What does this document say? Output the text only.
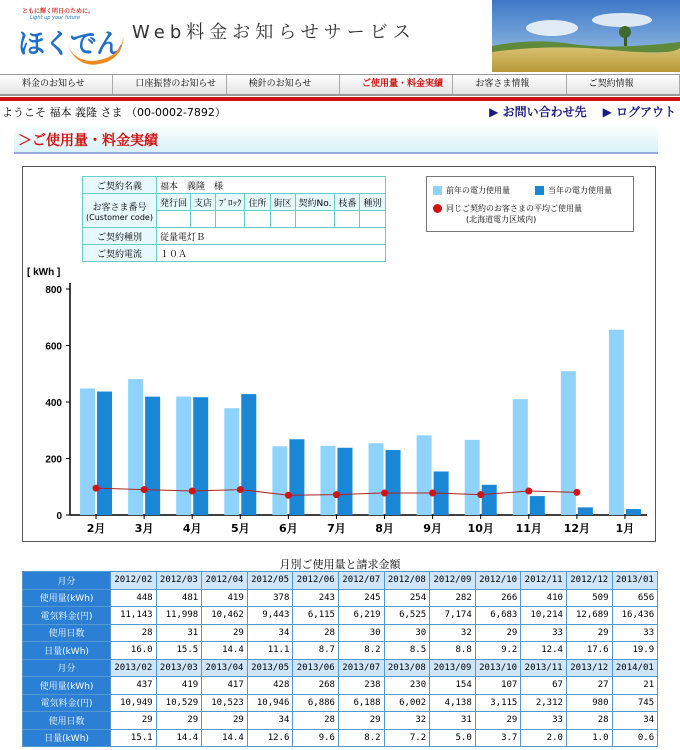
ともに輝く明日のために。
Light up your future
ほくでん Web料金お知らせサービス
料金のお知らせ	口座振替のお知らせ	検針のお知らせ	ご使用量・料金実績	お客さま情報	ご契約情報
ようこそ 福本 義隆 さま （00-0002-7892）	▶ お問い合わせ先 ▶ ログアウト
＞ご使用量・料金実績
[ kWh ]
0
200
400
600
800
2月	3月	4月	5月	6月	7月	8月	9月 10月 11月 12月 1月
ご契約名義	福本　義隆　様							

お客さま番号
(Customer code)	発行回	支店	ﾌﾞﾛｯｸ	住所	街区	契約No.	枝番	種別

ご契約種別	従量電灯Ｂ							
ご契約電流	１０Ａ							
前年の電力使用量	当年の電力使用量
同じご契約のお客さまの平均ご使用量
(北海道電力区域内)
月別ご使用量と請求金額
月分	2012/02	2012/03	2012/04	2012/05	2012/06	2012/07	2012/08	2012/09	2012/10	2012/11	2012/12	2013/01
使用量(kWh)	448	481	419	378	243	245	254	282	266	410	509	656
電気料金(円)	11,143	11,998	10,462	9,443	6,115	6,219	6,525	7,174	6,683	10,214	12,689	16,436
使用日数	28	31	29	34	28	30	30	32	29	33	29	33
日量(kWh)	16.0	15.5	14.4	11.1	8.7	8.2	8.5	8.8	9.2	12.4	17.6	19.9
月分	2013/02	2013/03	2013/04	2013/05	2013/06	2013/07	2013/08	2013/09	2013/10	2013/11	2013/12	2014/01
使用量(kWh)	437	419	417	428	268	238	230	154	107	67	27	21
電気料金(円)	10,949	10,529	10,523	10,946	6,886	6,188	6,002	4,138	3,115	2,312	980	745
使用日数	29	29	29	34	28	29	32	31	29	33	28	34
日量(kWh)	15.1	14.4	14.4	12.6	9.6	8.2	7.2	5.0	3.7	2.0	1.0	0.6
